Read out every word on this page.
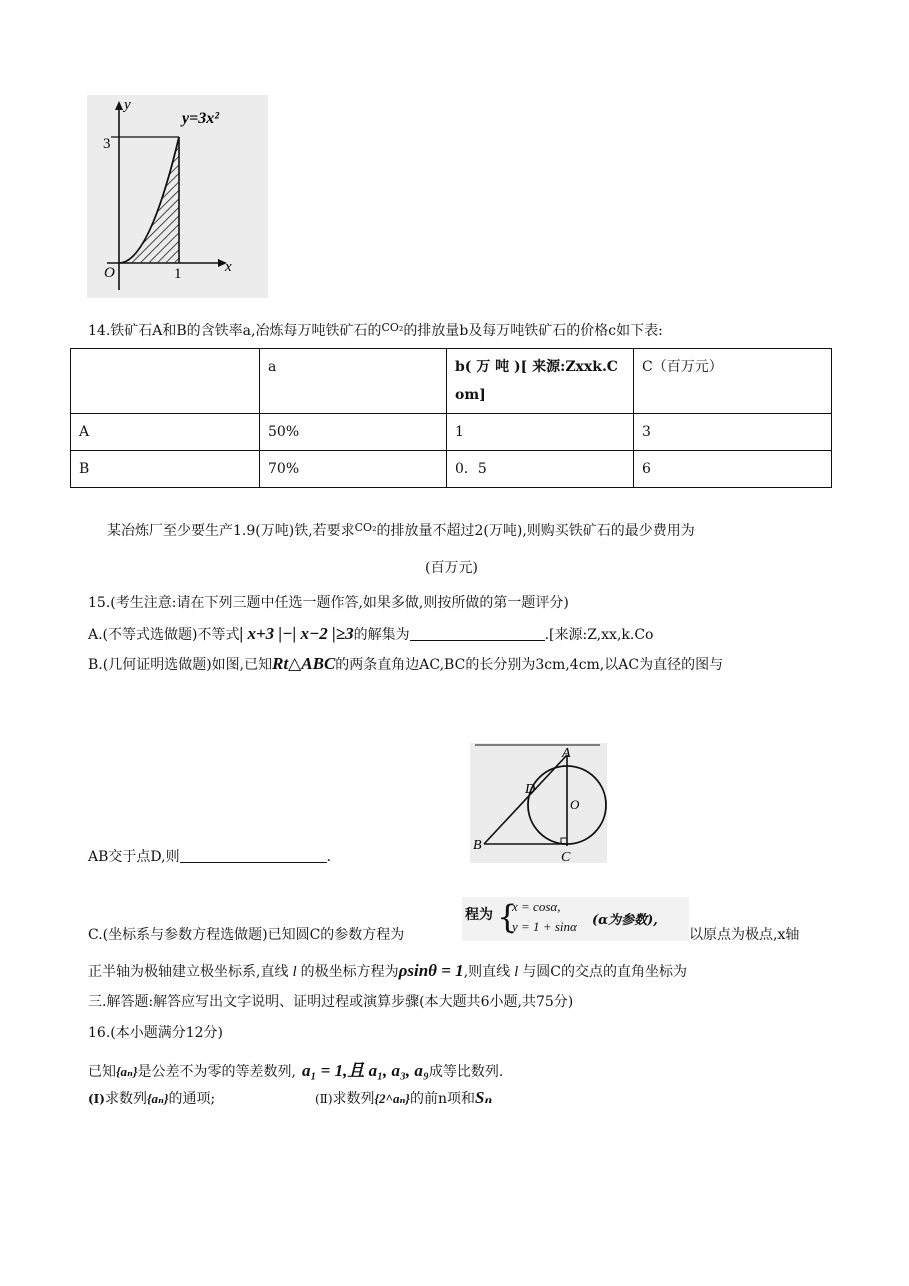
y
y=3x²
3
O	1	x
14.铁矿石A和B的含铁率a,冶炼每万吨铁矿石的$^{CO_2}$的排放量b及每万吨铁矿石的价格c如下表:
	a	b( 万 吨 )[ 来源:Zxxk.Com]	C（百万元）
A	50%	1	3
B	70%	0．5	6
某冶炼厂至少要生产1.9(万吨)铁,若要求$^{CO_2}$的排放量不超过2(万吨),则购买铁矿石的最少费用为
(百万元)
15.(考生注意:请在下列三题中任选一题作答,如果多做,则按所做的第一题评分)
A.(不等式选做题)不等式| x+3 |−| x−2 |≥3的解集为	.[来源:Z,xx,k.Co
B.(几何证明选做题)如图,已知Rt△ABC的两条直角边AC,BC的长分别为3cm,4cm,以AC为直径的图与
A
D
O
B
C
AB交于点D,则	.
程为 {
x = cosα,
y = 1 + sinα (α为参数),
C.(坐标系与参数方程选做题)已知圆C的参数方程为	以原点为极点,x轴
正半轴为极轴建立极坐标系,直线 l 的极坐标方程为ρsinθ = 1,则直线 l 与圆C的交点的直角坐标为
三.解答题:解答应写出文字说明、证明过程或演算步骤(本大题共6小题,共75分)
16.(本小题满分12分)
已知{aₙ}是公差不为零的等差数列, a₁ = 1,且 a₁, a₃, a₉成等比数列.
(Ⅰ)求数列{aₙ}的通项;	(Ⅱ)求数列{2^aₙ}的前n项和Sₙ
